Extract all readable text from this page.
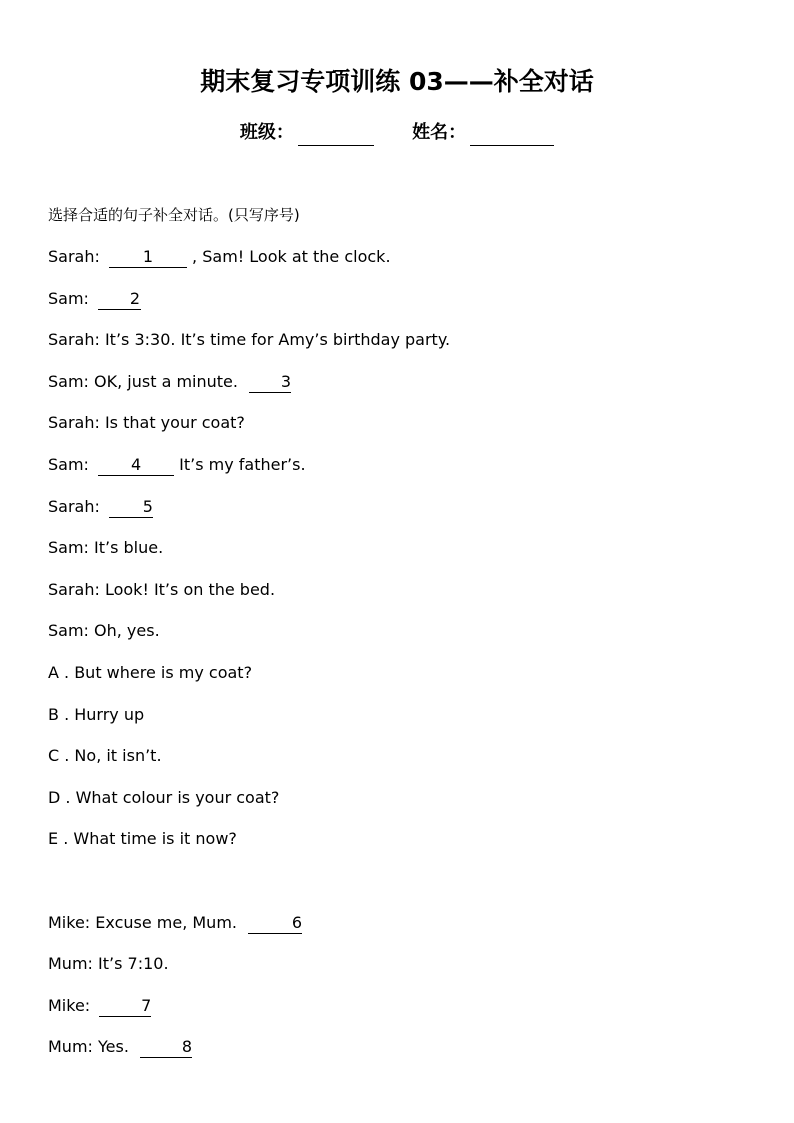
期末复习专项训练 03——补全对话
班级：	姓名：
选择合适的句子补全对话。(只写序号)
Sarah: 1 , Sam! Look at the clock.
Sam: 2
Sarah: It’s 3:30. It’s time for Amy’s birthday party.
Sam: OK, just a minute. 3
Sarah: Is that your coat?
Sam: 4 It’s my father’s.
Sarah: 5
Sam: It’s blue.
Sarah: Look! It’s on the bed.
Sam: Oh, yes.
A . But where is my coat?
B . Hurry up
C . No, it isn’t.
D . What colour is your coat?
E . What time is it now?
Mike: Excuse me, Mum.	6
Mum: It’s 7:10.
Mike:	7
Mum: Yes.	8
